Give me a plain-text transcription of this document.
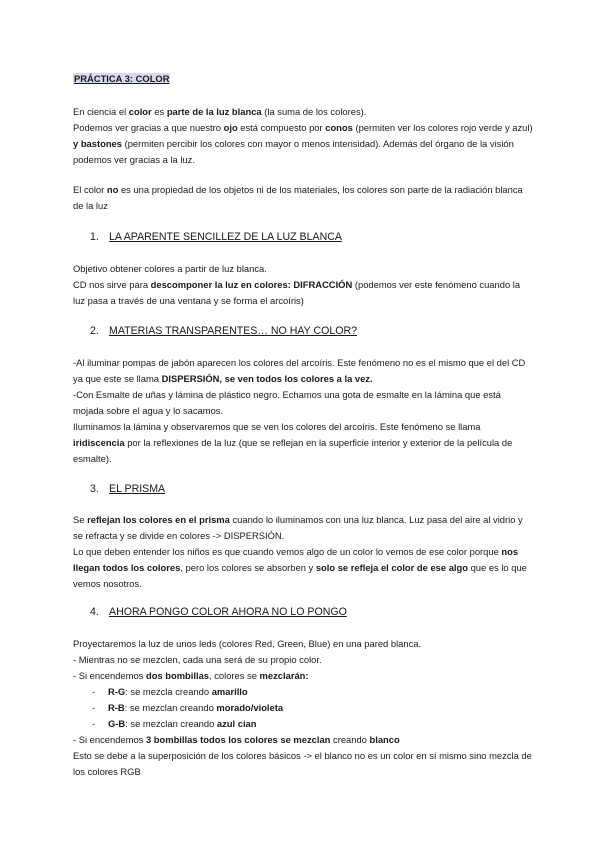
PRÁCTICA 3: COLOR

En ciencia el color es parte de la luz blanca (la suma de los colores).

Podemos ver gracias a que nuestro ojo está compuesto por conos (permiten ver los colores rojo verde y azul) y bastones (permiten percibir los colores con mayor o menos intensidad). Además del órgano de la visión podemos ver gracias a la luz.

El color no es una propiedad de los objetos ni de los materiales, los colores son parte de la radiación blanca de la luz

1. LA APARENTE SENCILLEZ DE LA LUZ BLANCA

Objetivo obtener colores a partir de luz blanca.

CD nos sirve para descomponer la luz en colores: DIFRACCIÓN (podemos ver este fenómeno cuando la luz pasa a través de una ventana y se forma el arcoíris)

2. MATERIAS TRANSPARENTES… NO HAY COLOR?

-Al iluminar pompas de jabón aparecen los colores del arcoíris. Este fenómeno no es el mismo que el del CD ya que este se llama DISPERSIÓN, se ven todos los colores a la vez.

-Con Esmalte de uñas y lámina de plástico negro. Echamos una gota de esmalte en la lámina que está mojada sobre el agua y lo sacamos.

Iluminamos la lámina y observaremos que se ven los colores del arcoíris. Este fenómeno se llama iridiscencia por la reflexiones de la luz (que se reflejan en la superficie interior y exterior de la película de esmalte).

3. EL PRISMA

Se reflejan los colores en el prisma cuando lo iluminamos con una luz blanca. Luz pasa del aire al vidrio y se refracta y se divide en colores -> DISPERSIÓN.

Lo que deben entender los niños es que cuando vemos algo de un color lo vemos de ese color porque nos llegan todos los colores, pero los colores se absorben y solo se refleja el color de ese algo que es lo que vemos nosotros.

4. AHORA PONGO COLOR AHORA NO LO PONGO

Proyectaremos la luz de unos leds (colores Red, Green, Blue) en una pared blanca.

- Mientras no se mezclen, cada una será de su propio color.

- Si encendemos dos bombillas, colores se mezclarán:

- R-G: se mezcla creando amarillo
- R-B: se mezclan creando morado/violeta
- G-B: se mezclan creando azul cian

- Si encendemos 3 bombillas todos los colores se mezclan creando blanco

Esto se debe a la superposición de los colores básicos -> el blanco no es un color en sí mismo sino mezcla de los colores RGB
